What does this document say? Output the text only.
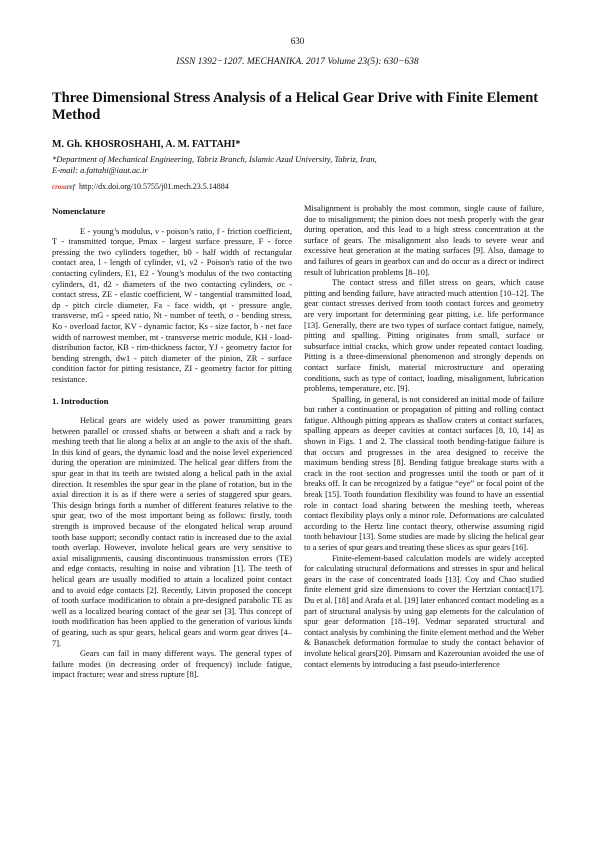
630
ISSN 1392−1207. MECHANIKA. 2017 Volume 23(5): 630−638
Three Dimensional Stress Analysis of a Helical Gear Drive with Finite Element Method
M. Gh. KHOSROSHAHI, A. M. FATTAHI*
*Department of Mechanical Engineering, Tabriz Branch, Islamic Azad University, Tabriz, Iran,
E-mail: a.fattahi@iaut.ac.ir
crossref http://dx.doi.org/10.5755/j01.mech.23.5.14884
Nomenclature

E - young’s modulus, ν - poison’s ratio, f - friction coefficient, T - transmitted torque, Pmax - largest surface pressure, F - force pressing the two cylinders together, b0 - half width of rectangular contact area, l - length of cylinder, ν1, ν2 - Poison's ratio of the two contacting cylinders, E1, E2 - Young’s modulus of the two contacting cylinders, d1, d2 - diameters of the two contacting cylinders, σc - contact stress, ZE - elastic coefficient, W - tangential transmitted load, dp - pitch circle diameter, Fa - face width, φt - pressure angle, transverse, mG - speed ratio, Nt - number of teeth, σ - bending stress, Ko - overload factor, KV - dynamic factor, Ks - size factor, b - net face width of narrowest member, mt - transverse metric module, KH - load-distribution factor, KB - rim-thickness factor, YJ - geometry factor for bending strength, dw1 - pitch diameter of the pinion, ZR - surface condition factor for pitting resistance, ZI - geometry factor for pitting resistance.

1. Introduction

Helical gears are widely used as power transmitting gears between parallel or crossed shafts or between a shaft and a rack by meshing teeth that lie along a helix at an angle to the axis of the shaft. In this kind of gears, the dynamic load and the noise level experienced during the operation are minimized. The helical gear differs from the spur gear in that its teeth are twisted along a helical path in the axial direction. It resembles the spur gear in the plane of rotation, but in the axial direction it is as if there were a series of staggered spur gears. This design brings forth a number of different features relative to the spur gear, two of the most important being as follows: firstly, tooth strength is improved because of the elongated helical wrap around tooth base support; secondly contact ratio is increased due to the axial tooth overlap. However, involute helical gears are very sensitive to axial misalignments, causing discontinuous transmission errors (TE) and edge contacts, resulting in noise and vibration [1]. The teeth of helical gears are usually modified to attain a localized point contact and to avoid edge contacts [2]. Recently, Litvin proposed the concept of tooth surface modification to obtain a pre-designed parabolic TE as well as a localized bearing contact of the gear set [3]. This concept of tooth modification has been applied to the generation of various kinds of gearing, such as spur gears, helical gears and worm gear drives [4–7].

Gears can fail in many different ways. The general types of failure modes (in decreasing order of frequency) include fatigue, impact fracture; wear and stress rupture [8].

Misalignment is probably the most common, single cause of failure, due to misalignment; the pinion does not mesh properly with the gear during operation, and this lead to a high stress concentration at the surface of gears. The misalignment also leads to severe wear and excessive heat generation at the mating surfaces [9]. Also, damage to and failures of gears in gearbox can and do occur as a direct or indirect result of lubrication problems [8–10].

The contact stress and fillet stress on gears, which cause pitting and bending failure, have attracted much attention [10–12]. The gear contact stresses derived from tooth contact forces and geometry are very important for determining gear pitting, i.e. life performance [13]. Generally, there are two types of surface contact fatigue, namely, pitting and spalling. Pitting originates from small, surface or subsurface initial cracks, which grow under repeated contact loading. Pitting is a three-dimensional phenomenon and strongly depends on contact surface finish, material microstructure and operating conditions, such as type of contact, loading, misalignment, lubrication problems, temperature, etc. [9].

Spalling, in general, is not considered an initial mode of failure but rather a continuation or propagation of pitting and rolling contact fatigue. Although pitting appears as shallow craters at contact surfaces, spalling appears as deeper cavities at contact surfaces [8, 10, 14] as shown in Figs. 1 and 2. The classical tooth bending-fatigue failure is that occurs and progresses in the area designed to receive the maximum bending stress [8]. Bending fatigue breakage starts with a crack in the root section and progresses until the tooth or part of it breaks off. It can be recognized by a fatigue “eye” or focal point of the break [15]. Tooth foundation flexibility was found to have an essential role in contact load sharing between the meshing teeth, whereas contact flexibility plays only a minor role. Deformations are calculated according to the Hertz line contact theory, otherwise assuming rigid tooth behaviour [13]. Some studies are made by slicing the helical gear to a series of spur gears and treating these slices as spur gears [16].

Finite-element-based calculation models are widely accepted for calculating structural deformations and stresses in spur and helical gears in the case of concentrated loads [13]. Coy and Chao studied finite element grid size dimensions to cover the Hertzian contact[17]. Du et al. [18] and Arafa et al. [19] later enhanced contact modeling as a part of structural analysis by using gap elements for the calculation of spur gear deformation [18–19]. Vedmar separated structural and contact analysis by combining the finite element method and the Weber & Banaschek deformation formulae to study the contact behavior of involute helical gears[20]. Pimsarn and Kazerounian avoided the use of contact elements by introducing a fast pseudo-interference
